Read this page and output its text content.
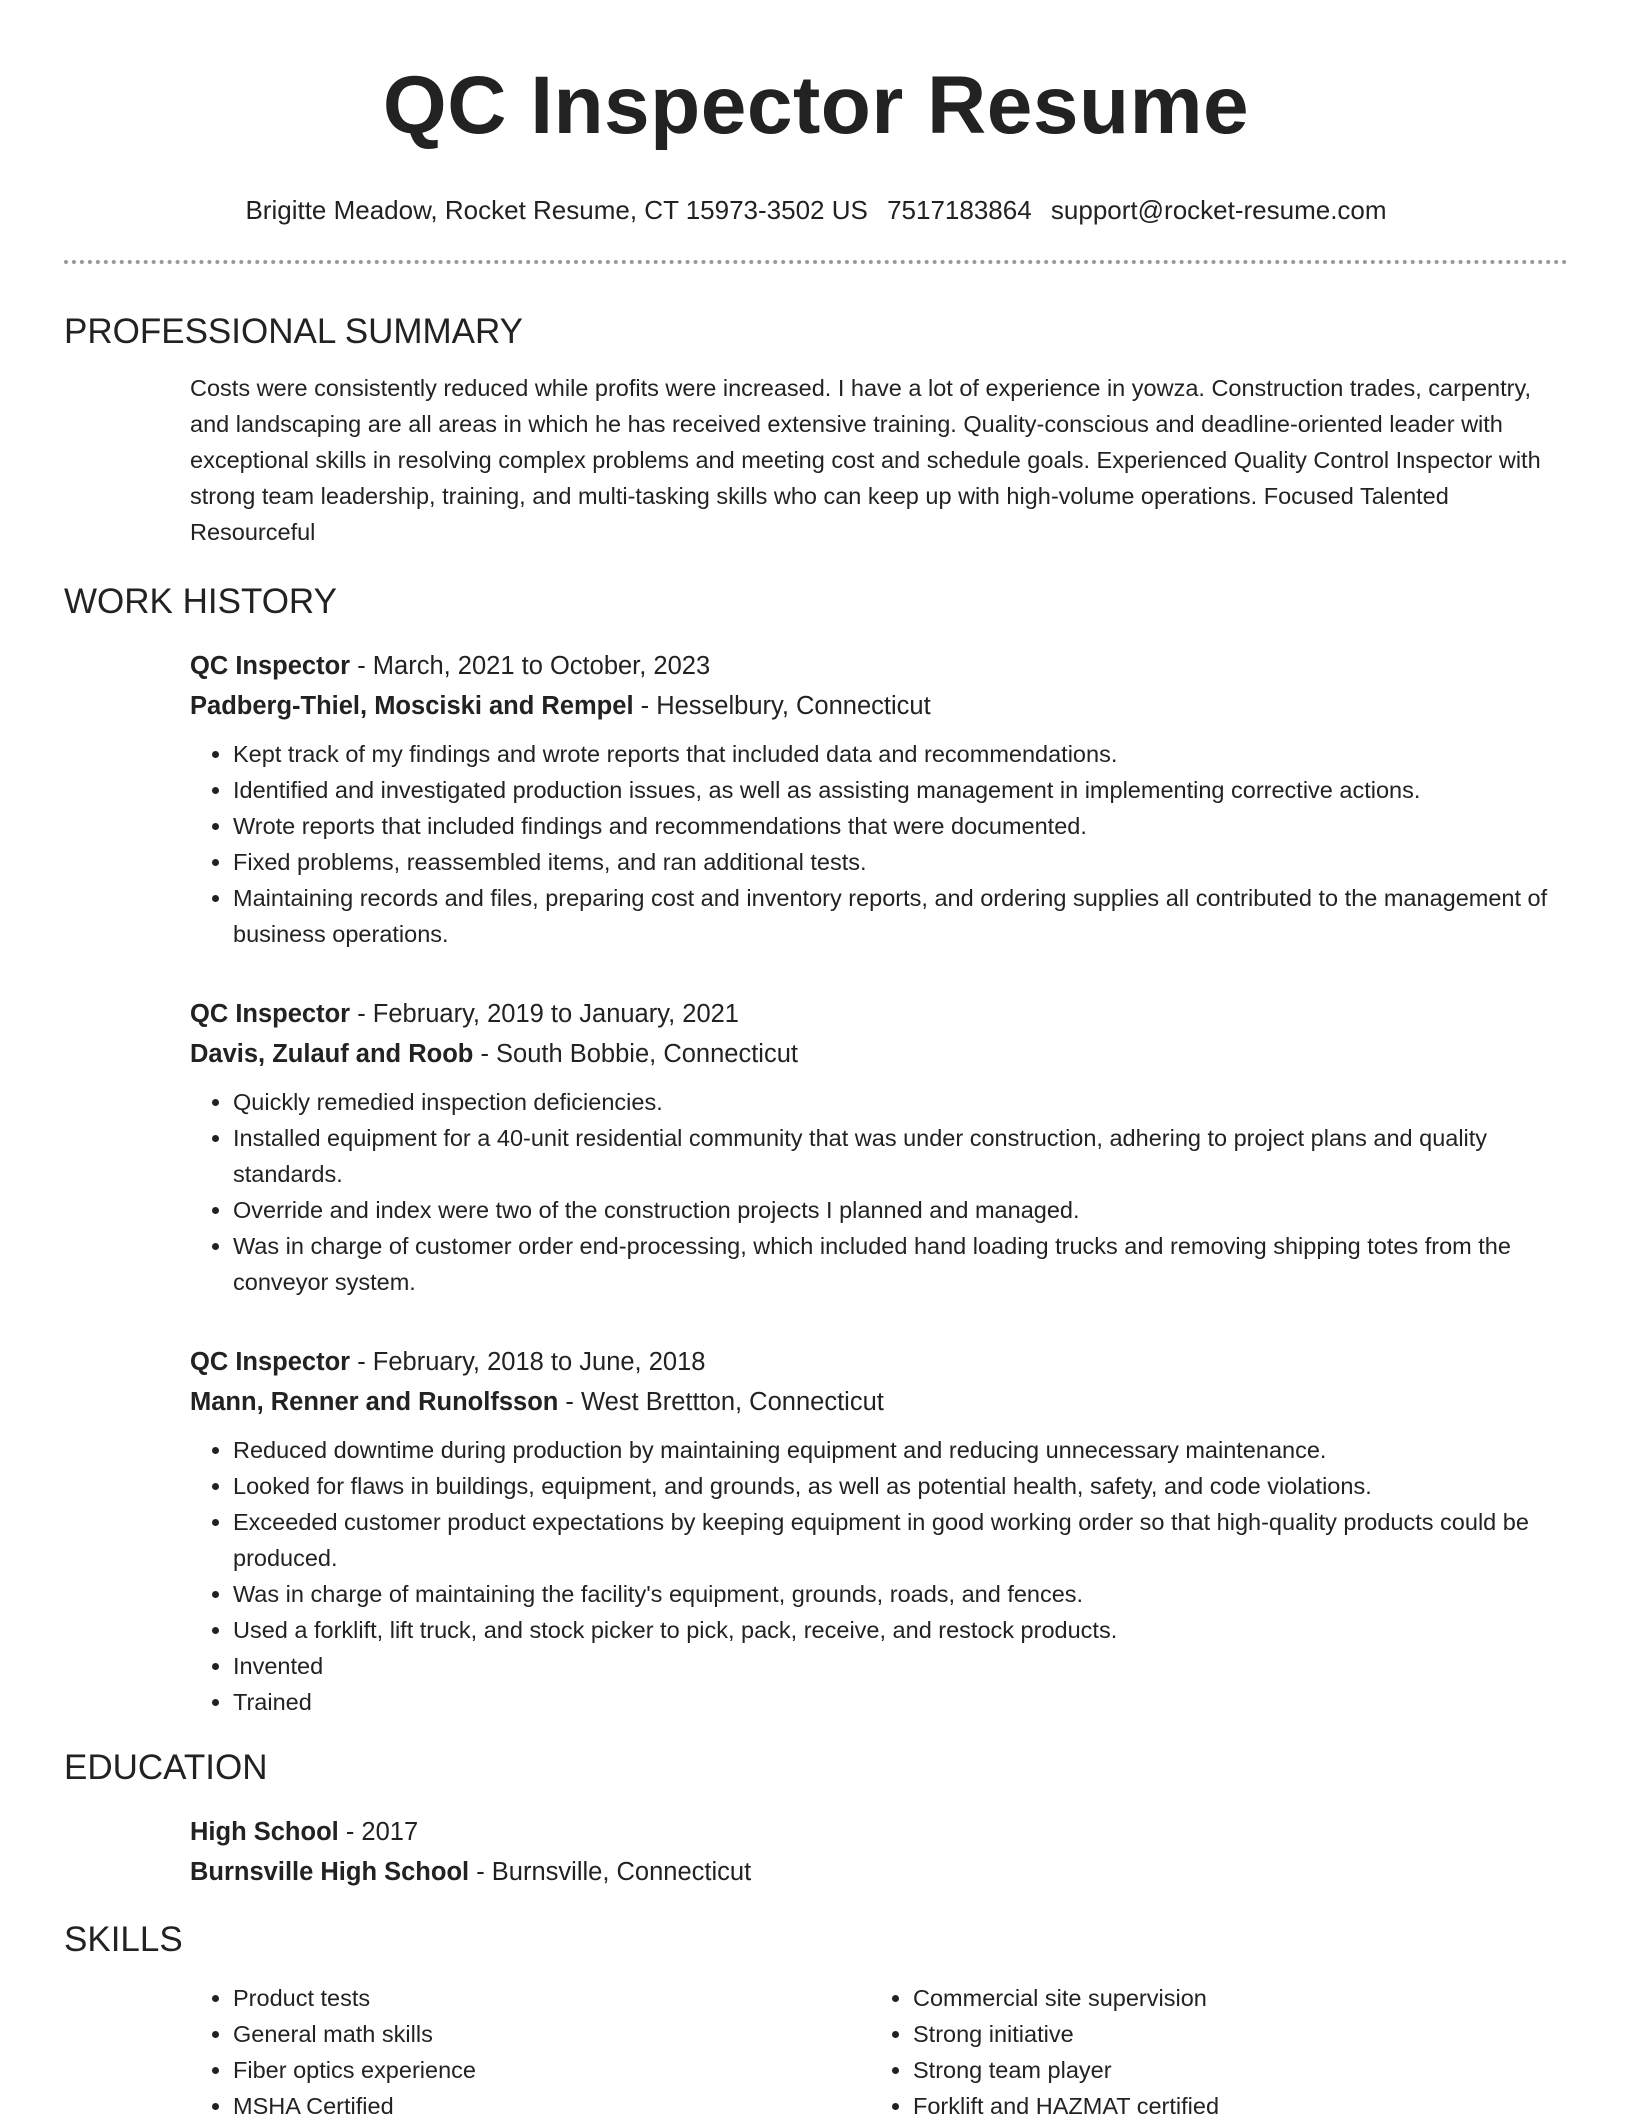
QC Inspector Resume
Brigitte Meadow, Rocket Resume, CT 15973-3502 US 7517183864 support@rocket-resume.com
PROFESSIONAL SUMMARY

Costs were consistently reduced while profits were increased. I have a lot of experience in yowza. Construction trades, carpentry, and landscaping are all areas in which he has received extensive training. Quality-conscious and deadline-oriented leader with exceptional skills in resolving complex problems and meeting cost and schedule goals. Experienced Quality Control Inspector with strong team leadership, training, and multi-tasking skills who can keep up with high-volume operations. Focused Talented Resourceful

WORK HISTORY
QC Inspector - March, 2021 to October, 2023
Padberg-Thiel, Mosciski and Rempel - Hesselbury, Connecticut
• Kept track of my findings and wrote reports that included data and recommendations.
• Identified and investigated production issues, as well as assisting management in implementing corrective actions.
• Wrote reports that included findings and recommendations that were documented.
• Fixed problems, reassembled items, and ran additional tests.
• Maintaining records and files, preparing cost and inventory reports, and ordering supplies all contributed to the management of business operations.
QC Inspector - February, 2019 to January, 2021
Davis, Zulauf and Roob - South Bobbie, Connecticut
• Quickly remedied inspection deficiencies.
• Installed equipment for a 40-unit residential community that was under construction, adhering to project plans and quality standards.
• Override and index were two of the construction projects I planned and managed.
• Was in charge of customer order end-processing, which included hand loading trucks and removing shipping totes from the conveyor system.
QC Inspector - February, 2018 to June, 2018
Mann, Renner and Runolfsson - West Brettton, Connecticut
• Reduced downtime during production by maintaining equipment and reducing unnecessary maintenance.
• Looked for flaws in buildings, equipment, and grounds, as well as potential health, safety, and code violations.
• Exceeded customer product expectations by keeping equipment in good working order so that high-quality products could be produced.
• Was in charge of maintaining the facility's equipment, grounds, roads, and fences.
• Used a forklift, lift truck, and stock picker to pick, pack, receive, and restock products.
• Invented
• Trained
EDUCATION
High School - 2017
Burnsville High School - Burnsville, Connecticut
SKILLS
• Product tests
• General math skills
• Fiber optics experience
• MSHA Certified
• Commercial site supervision
• Strong initiative
• Strong team player
• Forklift and HAZMAT certified
